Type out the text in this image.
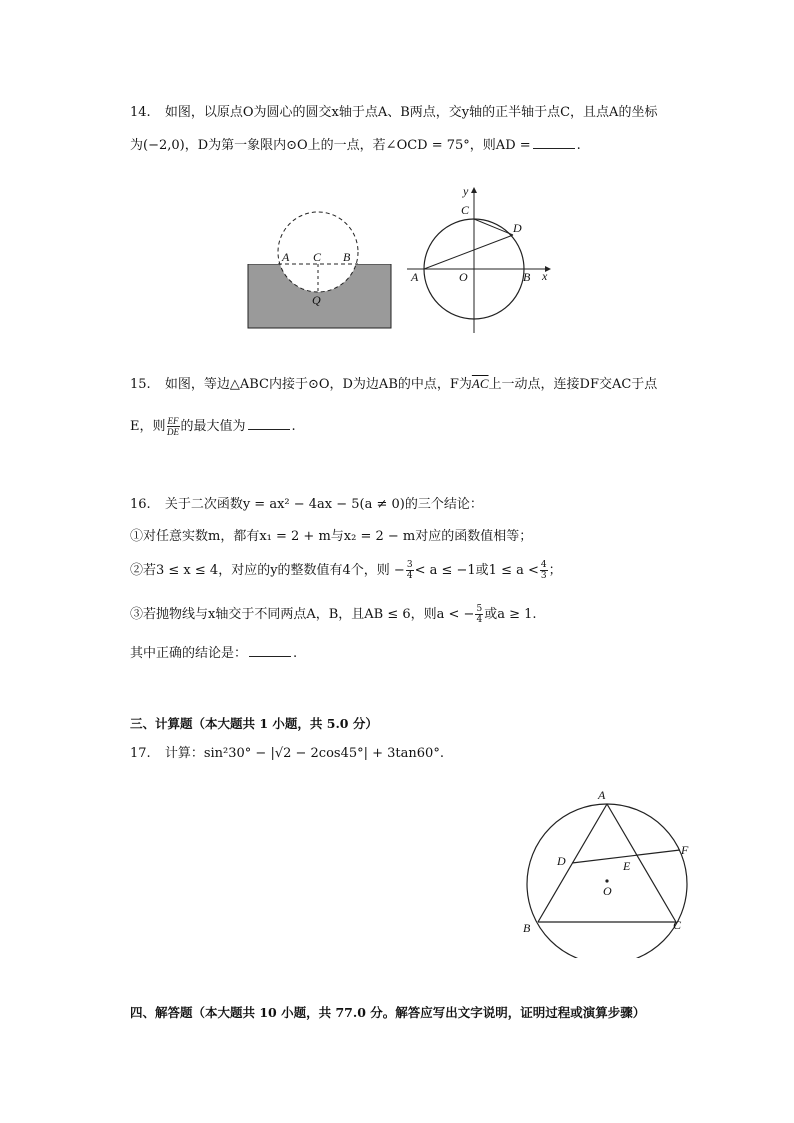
14. 如图，以原点O为圆心的圆交x轴于点A、B两点，交y轴的正半轴于点C，且点A的坐标
为(−2,0)，D为第一象限内⊙O上的一点，若∠OCD = 75°，则AD =	.
A C B
Q
y
C
D
A	O	B x
15. 如图，等边△ABC内接于⊙O，D为边AB的中点，F为$\overline{AC}$上一动点，连接DF交AC于点
E，则 $\frac{EF}{DE}$ 的最大值为	.
16. 关于二次函数y = ax² − 4ax − 5(a ≠ 0)的三个结论：
①对任意实数m，都有x₁ = 2 + m与x₂ = 2 − m对应的函数值相等；
②若3 ≤ x ≤ 4，对应的y的整数值有4个，则 − $\frac{3}{4} < a \le -1$或$1 \le a < \frac{4}{3}$ ；
③若抛物线与x轴交于不同两点A，B，且AB ≤ 6，则a < − $\frac{5}{4}$ 或a ≥ 1.
其中正确的结论是：	.
三、计算题（本大题共 1 小题，共 5.0 分）
17. 计算：sin²30° − |√2 − 2cos45°| + 3tan60°.
A
D	E
F
O
B	C
四、解答题（本大题共 10 小题，共 77.0 分。解答应写出文字说明，证明过程或演算步骤）
